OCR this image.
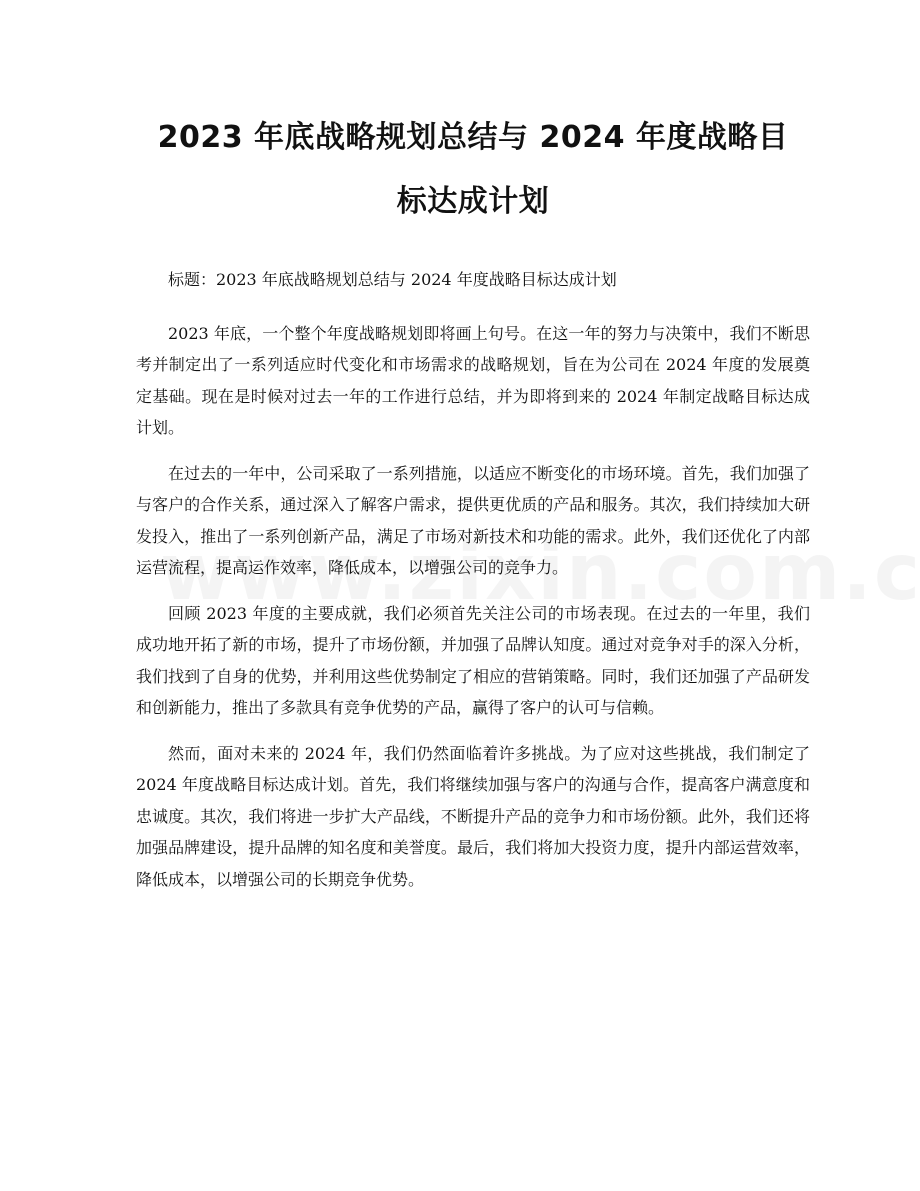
2023 年底战略规划总结与 2024 年度战略目
标达成计划

标题：2023 年底战略规划总结与 2024 年度战略目标达成计划

2023 年底，一个整个年度战略规划即将画上句号。在这一年的努力与决策中，我们不断思考并制定出了一系列适应时代变化和市场需求的战略规划，旨在为公司在 2024 年度的发展奠定基础。现在是时候对过去一年的工作进行总结，并为即将到来的 2024 年制定战略目标达成计划。

在过去的一年中，公司采取了一系列措施，以适应不断变化的市场环境。首先，我们加强了与客户的合作关系，通过深入了解客户需求，提供更优质的产品和服务。其次，我们持续加大研发投入，推出了一系列创新产品，满足了市场对新技术和功能的需求。此外，我们还优化了内部运营流程，提高运作效率，降低成本，以增强公司的竞争力。

回顾 2023 年度的主要成就，我们必须首先关注公司的市场表现。在过去的一年里，我们成功地开拓了新的市场，提升了市场份额，并加强了品牌认知度。通过对竞争对手的深入分析，我们找到了自身的优势，并利用这些优势制定了相应的营销策略。同时，我们还加强了产品研发和创新能力，推出了多款具有竞争优势的产品，赢得了客户的认可与信赖。

然而，面对未来的 2024 年，我们仍然面临着许多挑战。为了应对这些挑战，我们制定了 2024 年度战略目标达成计划。首先，我们将继续加强与客户的沟通与合作，提高客户满意度和忠诚度。其次，我们将进一步扩大产品线，不断提升产品的竞争力和市场份额。此外，我们还将加强品牌建设，提升品牌的知名度和美誉度。最后，我们将加大投资力度，提升内部运营效率，降低成本，以增强公司的长期竞争优势。
